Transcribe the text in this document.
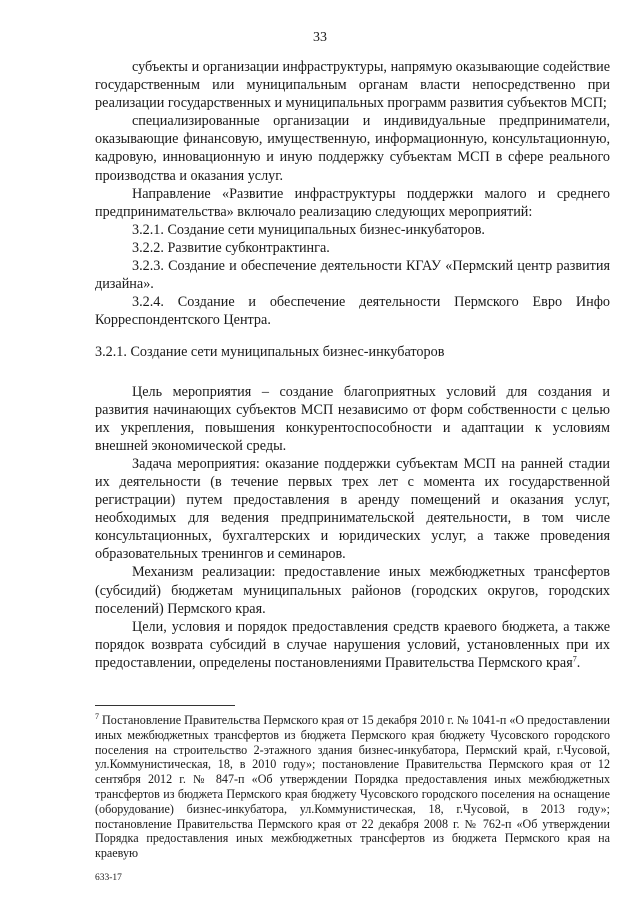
33

субъекты и организации инфраструктуры, напрямую оказывающие содействие государственным или муниципальным органам власти непосредственно при реализации государственных и муниципальных программ развития субъектов МСП;

специализированные организации и индивидуальные предприниматели, оказывающие финансовую, имущественную, информационную, консультационную, кадровую, инновационную и иную поддержку субъектам МСП в сфере реального производства и оказания услуг.

Направление «Развитие инфраструктуры поддержки малого и среднего предпринимательства» включало реализацию следующих мероприятий:

3.2.1. Создание сети муниципальных бизнес-инкубаторов.

3.2.2. Развитие субконтрактинга.

3.2.3. Создание и обеспечение деятельности КГАУ «Пермский центр развития дизайна».

3.2.4. Создание и обеспечение деятельности Пермского Евро Инфо Корреспондентского Центра.

3.2.1. Создание сети муниципальных бизнес-инкубаторов

Цель мероприятия – создание благоприятных условий для создания и развития начинающих субъектов МСП независимо от форм собственности с целью их укрепления, повышения конкурентоспособности и адаптации к условиям внешней экономической среды.

Задача мероприятия: оказание поддержки субъектам МСП на ранней стадии их деятельности (в течение первых трех лет с момента их государственной регистрации) путем предоставления в аренду помещений и оказания услуг, необходимых для ведения предпринимательской деятельности, в том числе консультационных, бухгалтерских и юридических услуг, а также проведения образовательных тренингов и семинаров.

Механизм реализации: предоставление иных межбюджетных трансфертов (субсидий) бюджетам муниципальных районов (городских округов, городских поселений) Пермского края.

Цели, условия и порядок предоставления средств краевого бюджета, а также порядок возврата субсидий в случае нарушения условий, установленных при их предоставлении, определены постановлениями Правительства Пермского края$^7$.

$^7$ Постановление Правительства Пермского края от 15 декабря 2010 г. № 1041-п «О предоставлении иных межбюджетных трансфертов из бюджета Пермского края бюджету Чусовского городского поселения на строительство 2-этажного здания бизнес-инкубатора, Пермский край, г.Чусовой, ул.Коммунистическая, 18, в 2010 году»; постановление Правительства Пермского края от 12 сентября 2012 г. № 847-п «Об утверждении Порядка предоставления иных межбюджетных трансфертов из бюджета Пермского края бюджету Чусовского городского поселения на оснащение (оборудование) бизнес-инкубатора, ул.Коммунистическая, 18, г.Чусовой, в 2013 году»; постановление Правительства Пермского края от 22 декабря 2008 г. № 762-п «Об утверждении Порядка предоставления иных межбюджетных трансфертов из бюджета Пермского края на краевую
633-17
